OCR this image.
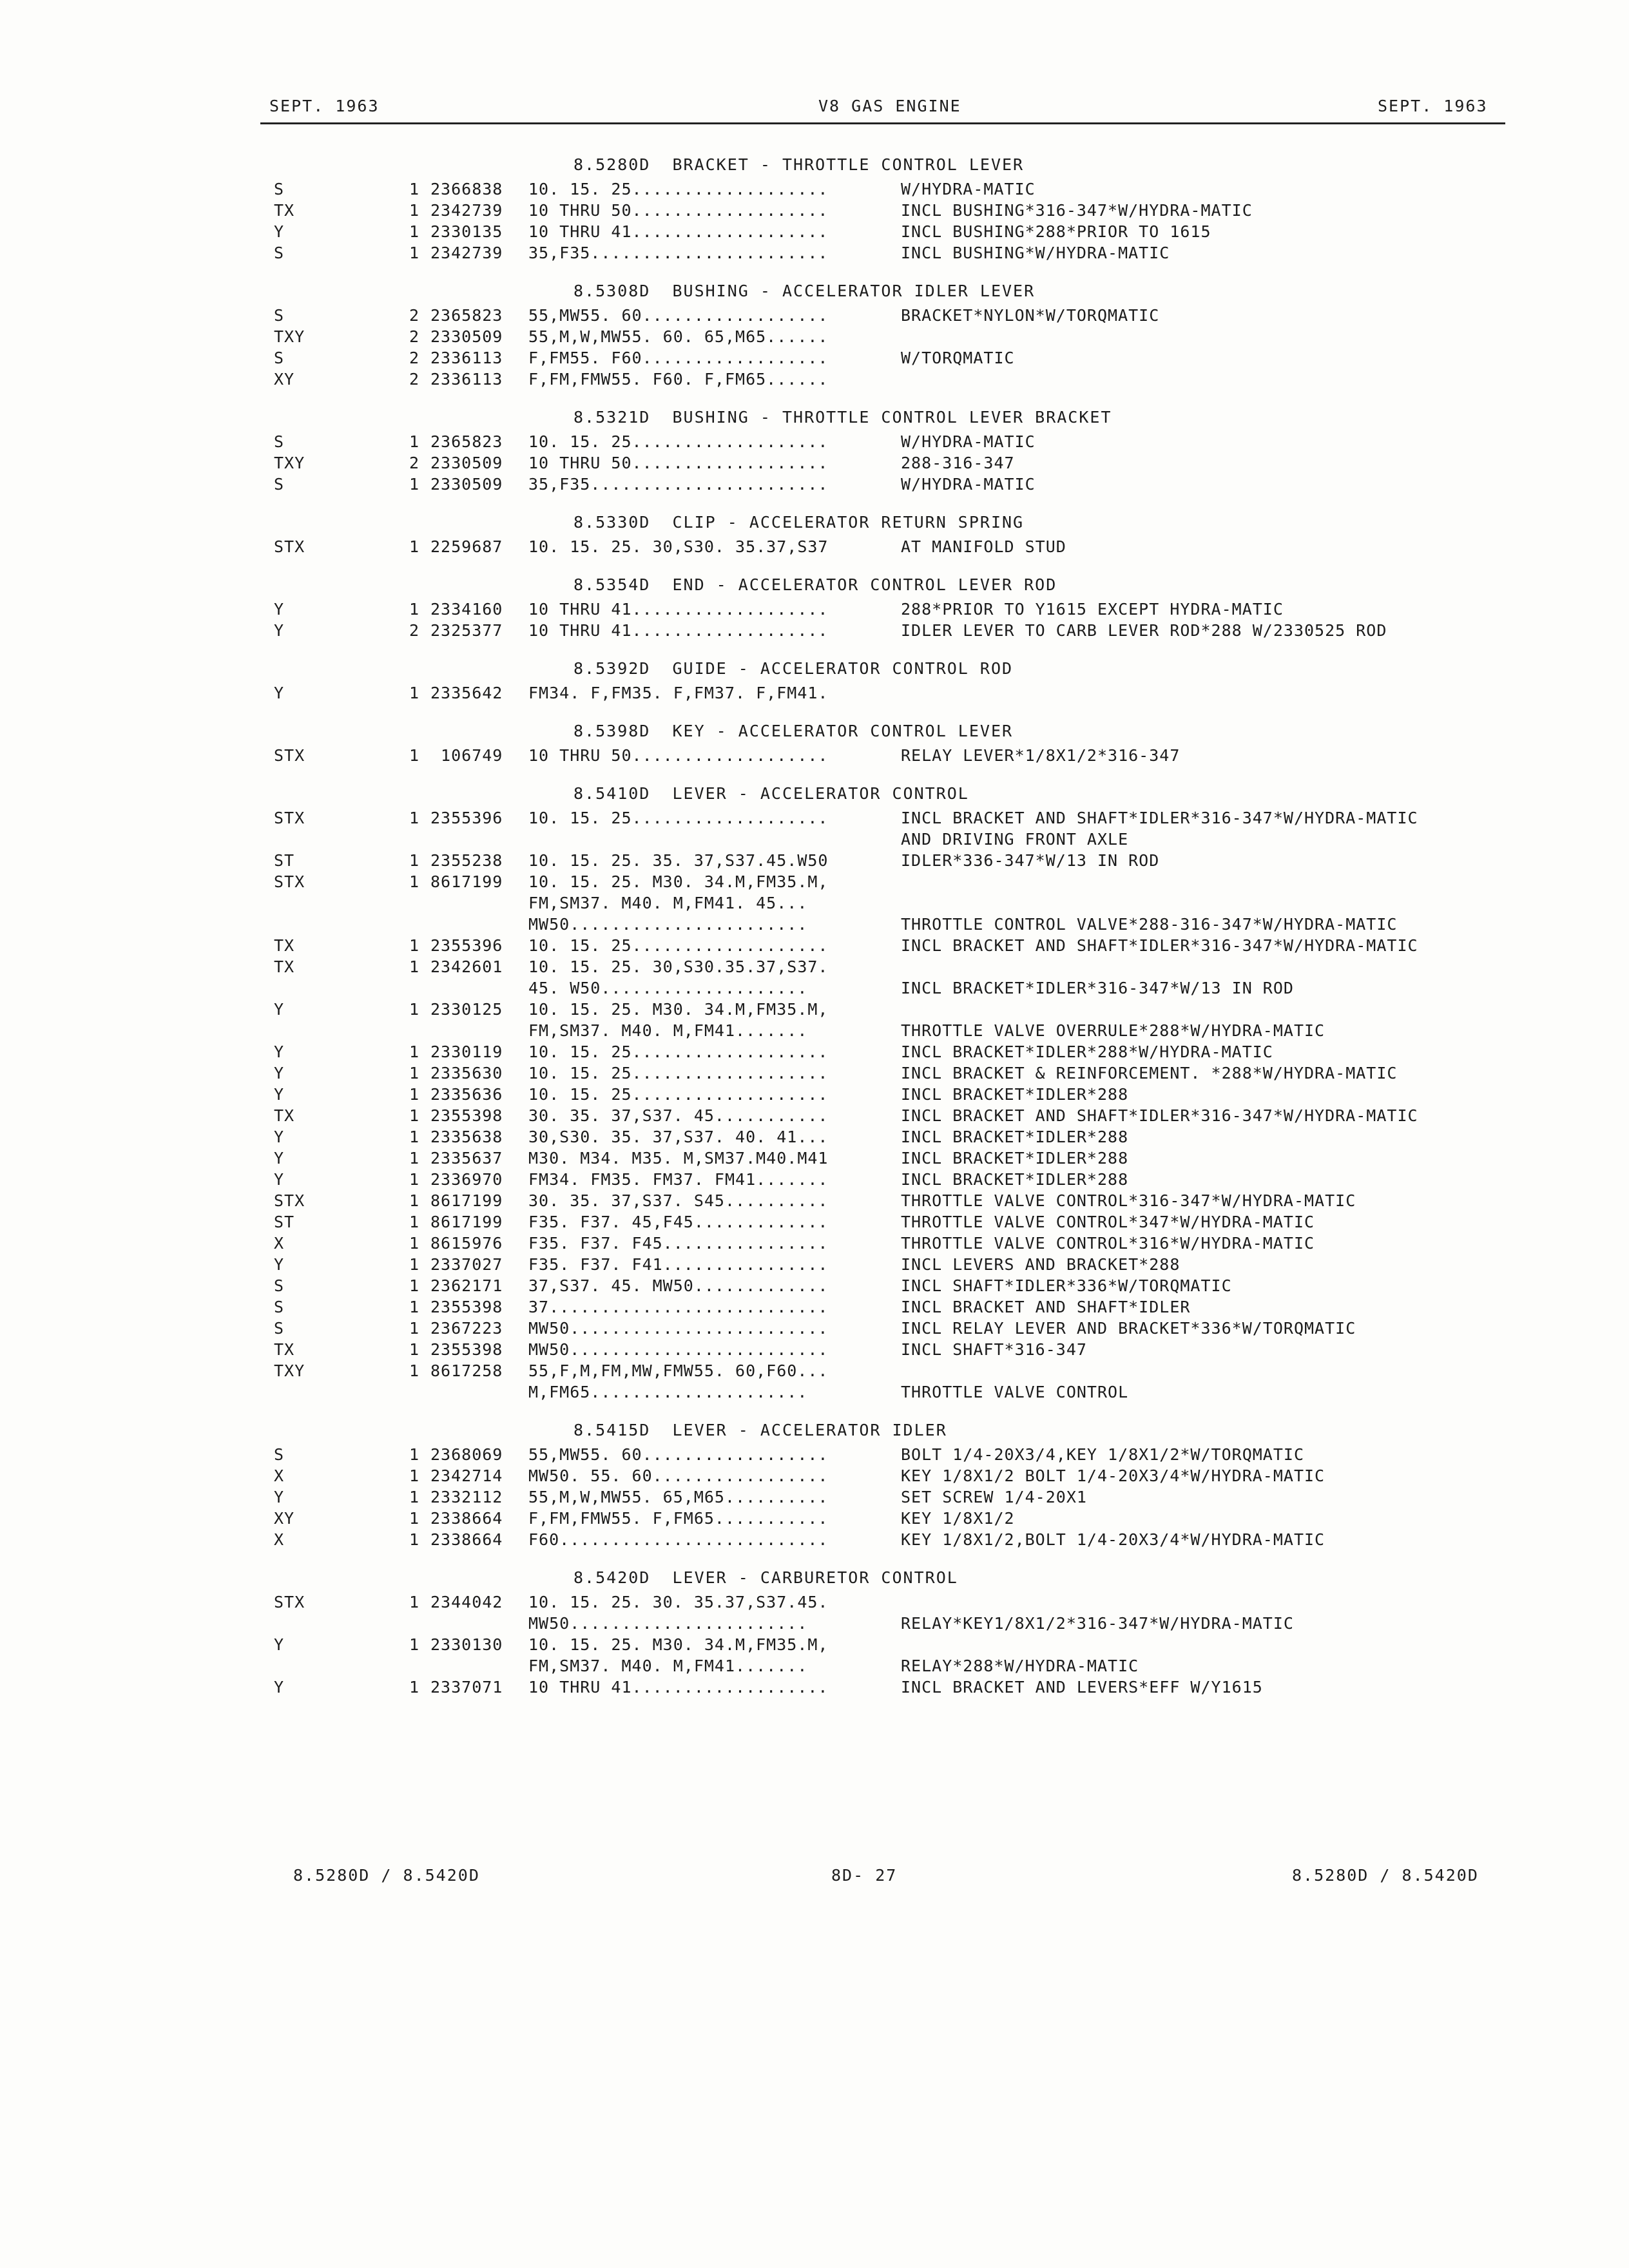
SEPT. 1963	V8 GAS ENGINE	SEPT. 1963
8.5280D  BRACKET - THROTTLE CONTROL LEVER
S	1 2366838 10. 15. 25...................	W/HYDRA-MATIC
TX	1 2342739 10 THRU 50...................	INCL BUSHING*316-347*W/HYDRA-MATIC
Y	1 2330135 10 THRU 41...................	INCL BUSHING*288*PRIOR TO 1615
S	1 2342739 35,F35.......................	INCL BUSHING*W/HYDRA-MATIC
8.5308D  BUSHING - ACCELERATOR IDLER LEVER
S	2 2365823 55,MW55. 60..................	BRACKET*NYLON*W/TORQMATIC
TXY	2 2330509 55,M,W,MW55. 60. 65,M65......
S	2 2336113 F,FM55. F60..................	W/TORQMATIC
XY	2 2336113 F,FM,FMW55. F60. F,FM65......
8.5321D  BUSHING - THROTTLE CONTROL LEVER BRACKET
S	1 2365823 10. 15. 25...................	W/HYDRA-MATIC
TXY	2 2330509 10 THRU 50...................	288-316-347
S	1 2330509 35,F35.......................	W/HYDRA-MATIC
8.5330D  CLIP - ACCELERATOR RETURN SPRING
STX	1 2259687 10. 15. 25. 30,S30. 35.37,S37	AT MANIFOLD STUD
8.5354D  END - ACCELERATOR CONTROL LEVER ROD
Y	1 2334160 10 THRU 41...................	288*PRIOR TO Y1615 EXCEPT HYDRA-MATIC
Y	2 2325377 10 THRU 41...................	IDLER LEVER TO CARB LEVER ROD*288 W/2330525 ROD
8.5392D  GUIDE - ACCELERATOR CONTROL ROD
Y	1 2335642 FM34. F,FM35. F,FM37. F,FM41.
8.5398D  KEY - ACCELERATOR CONTROL LEVER
STX	1 106749 10 THRU 50...................	RELAY LEVER*1/8X1/2*316-347
8.5410D  LEVER - ACCELERATOR CONTROL
STX	1 2355396 10. 15. 25...................	INCL BRACKET AND SHAFT*IDLER*316-347*W/HYDRA-MATIC
AND DRIVING FRONT AXLE
ST	1 2355238 10. 15. 25. 35. 37,S37.45.W50	IDLER*336-347*W/13 IN ROD
STX	1 8617199 10. 15. 25. M30. 34.M,FM35.M,
FM,SM37. M40. M,FM41. 45...
MW50.......................	THROTTLE CONTROL VALVE*288-316-347*W/HYDRA-MATIC
TX	1 2355396 10. 15. 25...................	INCL BRACKET AND SHAFT*IDLER*316-347*W/HYDRA-MATIC
TX	1 2342601 10. 15. 25. 30,S30.35.37,S37.
45. W50....................	INCL BRACKET*IDLER*316-347*W/13 IN ROD
Y	1 2330125 10. 15. 25. M30. 34.M,FM35.M,
FM,SM37. M40. M,FM41.......	THROTTLE VALVE OVERRULE*288*W/HYDRA-MATIC
Y	1 2330119 10. 15. 25...................	INCL BRACKET*IDLER*288*W/HYDRA-MATIC
Y	1 2335630 10. 15. 25...................	INCL BRACKET & REINFORCEMENT. *288*W/HYDRA-MATIC
Y	1 2335636 10. 15. 25...................	INCL BRACKET*IDLER*288
TX	1 2355398 30. 35. 37,S37. 45...........	INCL BRACKET AND SHAFT*IDLER*316-347*W/HYDRA-MATIC
Y	1 2335638 30,S30. 35. 37,S37. 40. 41...	INCL BRACKET*IDLER*288
Y	1 2335637 M30. M34. M35. M,SM37.M40.M41	INCL BRACKET*IDLER*288
Y	1 2336970 FM34. FM35. FM37. FM41.......	INCL BRACKET*IDLER*288
STX	1 8617199 30. 35. 37,S37. S45..........	THROTTLE VALVE CONTROL*316-347*W/HYDRA-MATIC
ST	1 8617199 F35. F37. 45,F45.............	THROTTLE VALVE CONTROL*347*W/HYDRA-MATIC
X	1 8615976 F35. F37. F45................	THROTTLE VALVE CONTROL*316*W/HYDRA-MATIC
Y	1 2337027 F35. F37. F41................	INCL LEVERS AND BRACKET*288
S	1 2362171 37,S37. 45. MW50.............	INCL SHAFT*IDLER*336*W/TORQMATIC
S	1 2355398 37...........................	INCL BRACKET AND SHAFT*IDLER
S	1 2367223 MW50.........................	INCL RELAY LEVER AND BRACKET*336*W/TORQMATIC
TX	1 2355398 MW50.........................	INCL SHAFT*316-347
TXY	1 8617258 55,F,M,FM,MW,FMW55. 60,F60...
M,FM65.....................	THROTTLE VALVE CONTROL
8.5415D  LEVER - ACCELERATOR IDLER
S	1 2368069 55,MW55. 60..................	BOLT 1/4-20X3/4,KEY 1/8X1/2*W/TORQMATIC
X	1 2342714 MW50. 55. 60.................	KEY 1/8X1/2 BOLT 1/4-20X3/4*W/HYDRA-MATIC
Y	1 2332112 55,M,W,MW55. 65,M65..........	SET SCREW 1/4-20X1
XY	1 2338664 F,FM,FMW55. F,FM65...........	KEY 1/8X1/2
X	1 2338664 F60..........................	KEY 1/8X1/2,BOLT 1/4-20X3/4*W/HYDRA-MATIC
8.5420D  LEVER - CARBURETOR CONTROL
STX	1 2344042 10. 15. 25. 30. 35.37,S37.45.
MW50.......................	RELAY*KEY1/8X1/2*316-347*W/HYDRA-MATIC
Y	1 2330130 10. 15. 25. M30. 34.M,FM35.M,
FM,SM37. M40. M,FM41.......	RELAY*288*W/HYDRA-MATIC
Y	1 2337071 10 THRU 41...................	INCL BRACKET AND LEVERS*EFF W/Y1615
8.5280D / 8.5420D	8D- 27	8.5280D / 8.5420D
